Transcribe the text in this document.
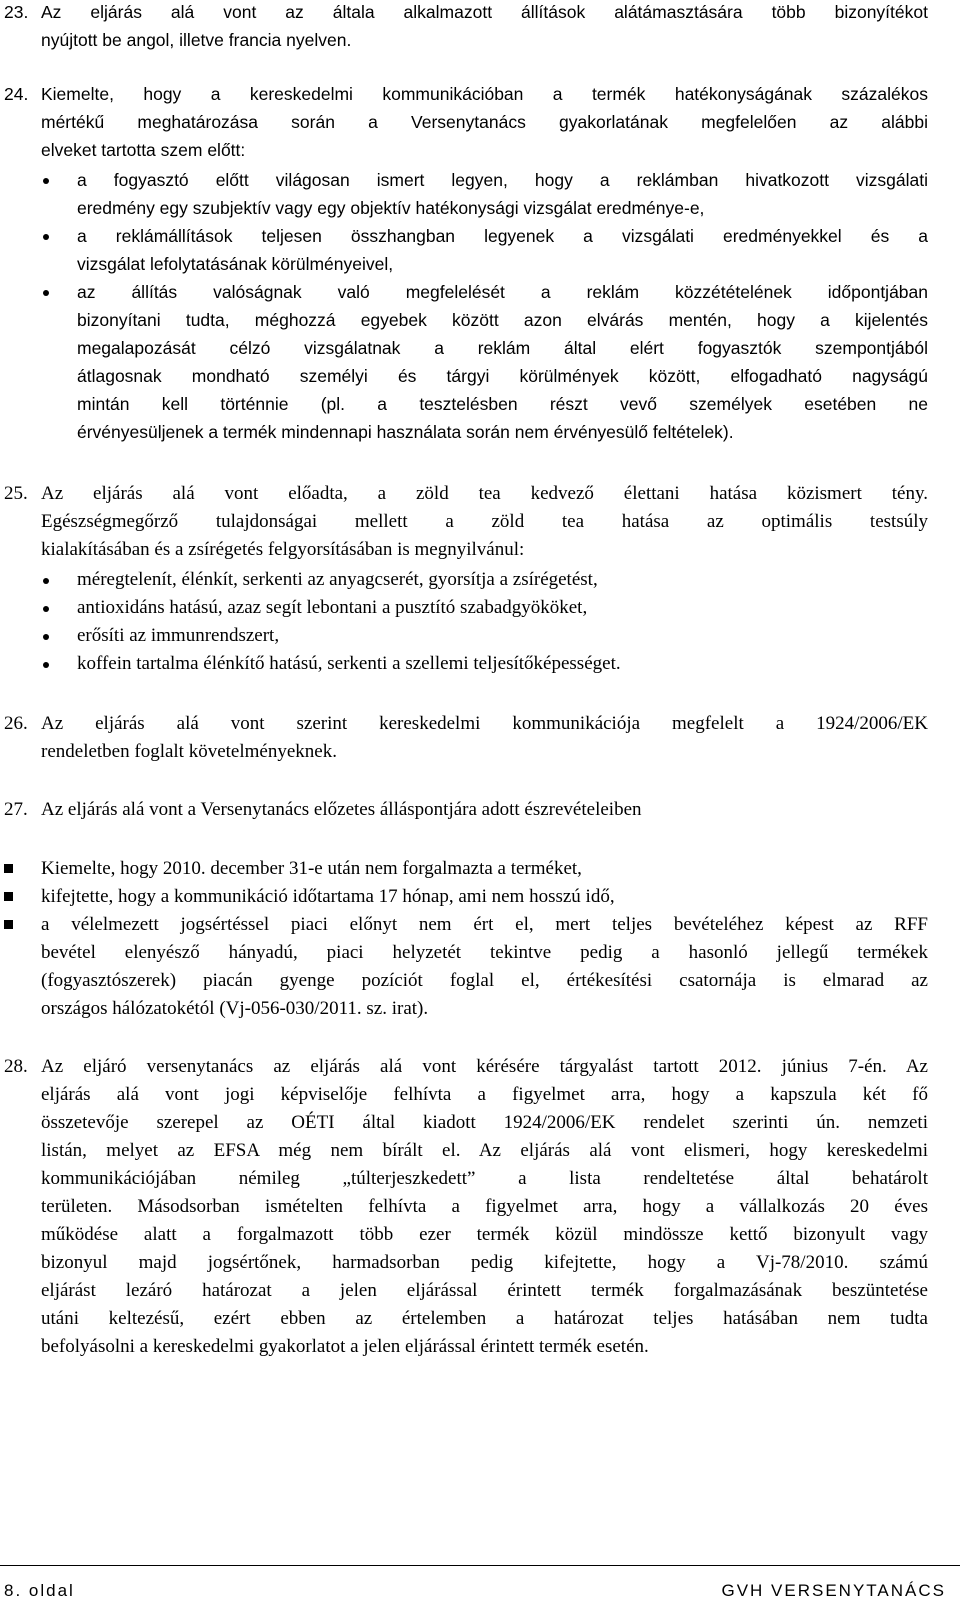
23. Az eljárás alá vont az általa alkalmazott állítások alátámasztására több bizonyítékot
nyújtott be angol, illetve francia nyelven.
24. Kiemelte, hogy a kereskedelmi kommunikációban a termék hatékonyságának százalékos
mértékű meghatározása során a Versenytanács gyakorlatának megfelelően az alábbi
elveket tartotta szem előtt:
a fogyasztó előtt világosan ismert legyen, hogy a reklámban hivatkozott vizsgálati
eredmény egy szubjektív vagy egy objektív hatékonysági vizsgálat eredménye-e,
a reklámállítások teljesen összhangban legyenek a vizsgálati eredményekkel és a
vizsgálat lefolytatásának körülményeivel,
az állítás valóságnak való megfelelését a reklám közzétételének időpontjában
bizonyítani tudta, méghozzá egyebek között azon elvárás mentén, hogy a kijelentés
megalapozását célzó vizsgálatnak a reklám által elért fogyasztók szempontjából
átlagosnak mondható személyi és tárgyi körülmények között, elfogadható nagyságú
mintán kell történnie (pl. a tesztelésben részt vevő személyek esetében ne
érvényesüljenek a termék mindennapi használata során nem érvényesülő feltételek).
25. Az eljárás alá vont előadta, a zöld tea kedvező élettani hatása közismert tény.
Egészségmegőrző tulajdonságai mellett a zöld tea hatása az optimális testsúly
kialakításában és a zsírégetés felgyorsításában is megnyilvánul:
méregtelenít, élénkít, serkenti az anyagcserét, gyorsítja a zsírégetést,
antioxidáns hatású, azaz segít lebontani a pusztító szabadgyököket,
erősíti az immunrendszert,
koffein tartalma élénkítő hatású, serkenti a szellemi teljesítőképességet.
26. Az eljárás alá vont szerint kereskedelmi kommunikációja megfelelt a 1924/2006/EK
rendeletben foglalt követelményeknek.
27. Az eljárás alá vont a Versenytanács előzetes álláspontjára adott észrevételeiben
Kiemelte, hogy 2010. december 31-e után nem forgalmazta a terméket,
kifejtette, hogy a kommunikáció időtartama 17 hónap, ami nem hosszú idő,
a vélelmezett jogsértéssel piaci előnyt nem ért el, mert teljes bevételéhez képest az RFF
bevétel elenyésző hányadú, piaci helyzetét tekintve pedig a hasonló jellegű termékek
(fogyasztószerek) piacán gyenge pozíciót foglal el, értékesítési csatornája is elmarad az
országos hálózatokétól (Vj-056-030/2011. sz. irat).
28. Az eljáró versenytanács az eljárás alá vont kérésére tárgyalást tartott 2012. június 7-én. Az
eljárás alá vont jogi képviselője felhívta a figyelmet arra, hogy a kapszula két fő
összetevője szerepel az OÉTI által kiadott 1924/2006/EK rendelet szerinti ún. nemzeti
listán, melyet az EFSA még nem bírált el. Az eljárás alá vont elismeri, hogy kereskedelmi
kommunikációjában némileg „túlterjeszkedett” a lista rendeltetése által behatárolt
területen. Másodsorban ismételten felhívta a figyelmet arra, hogy a vállalkozás 20 éves
működése alatt a forgalmazott több ezer termék közül mindössze kettő bizonyult vagy
bizonyul majd jogsértőnek, harmadsorban pedig kifejtette, hogy a Vj-78/2010. számú
eljárást lezáró határozat a jelen eljárással érintett termék forgalmazásának beszüntetése
utáni keltezésű, ezért ebben az értelemben a határozat teljes hatásában nem tudta
befolyásolni a kereskedelmi gyakorlatot a jelen eljárással érintett termék esetén.
8. oldal	GVH VERSENYTANÁCS
